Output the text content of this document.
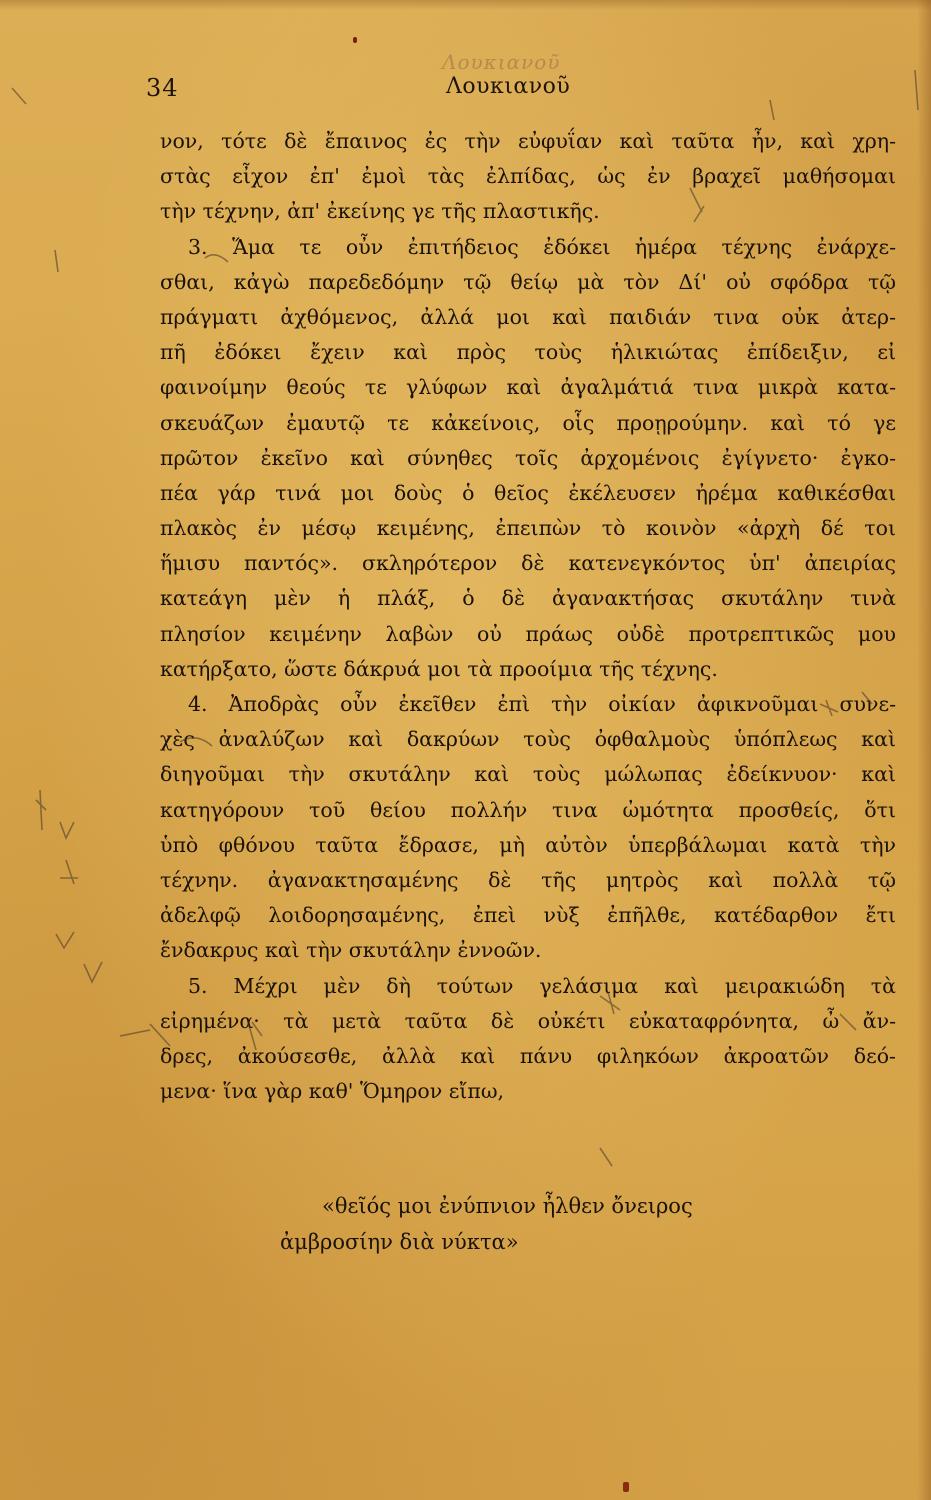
34	Λουκιανοῦ
Λουκιανοῦ
νον, τότε δὲ ἔπαινος ἐς τὴν εὐφυΐαν καὶ ταῦτα ἦν, καὶ χρη-
στὰς εἶχον ἐπ' ἐμοὶ τὰς ἐλπίδας, ὡς ἐν βραχεῖ μαθήσομαι
τὴν τέχνην, ἀπ' ἐκείνης γε τῆς πλαστικῆς.
3. Ἅμα τε οὖν ἐπιτήδειος ἐδόκει ἡμέρα τέχνης ἐνάρχε-
σθαι, κἀγὼ παρεδεδόμην τῷ θείῳ μὰ τὸν Δί' οὐ σφόδρα τῷ
πράγματι ἀχθόμενος, ἀλλά μοι καὶ παιδιάν τινα οὐκ ἀτερ-
πῆ ἐδόκει ἔχειν καὶ πρὸς τοὺς ἡλικιώτας ἐπίδειξιν, εἰ
φαινοίμην θεούς τε γλύφων καὶ ἀγαλμάτιά τινα μικρὰ κατα-
σκευάζων ἐμαυτῷ τε κἀκείνοις, οἷς προῃρούμην. καὶ τό γε
πρῶτον ἐκεῖνο καὶ σύνηθες τοῖς ἀρχομένοις ἐγίγνετο· ἐγκο-
πέα γάρ τινά μοι δοὺς ὁ θεῖος ἐκέλευσεν ἠρέμα καθικέσθαι
πλακὸς ἐν μέσῳ κειμένης, ἐπειπὼν τὸ κοινὸν «ἀρχὴ δέ τοι
ἥμισυ παντός». σκληρότερον δὲ κατενεγκόντος ὑπ' ἀπειρίας
κατεάγη μὲν ἡ πλάξ, ὁ δὲ ἀγανακτήσας σκυτάλην τινὰ
πλησίον κειμένην λαβὼν οὐ πράως οὐδὲ προτρεπτικῶς μου
κατήρξατο, ὥστε δάκρυά μοι τὰ προοίμια τῆς τέχνης.
4. Ἀποδρὰς οὖν ἐκεῖθεν ἐπὶ τὴν οἰκίαν ἀφικνοῦμαι συνε-
χὲς ἀναλύζων καὶ δακρύων τοὺς ὀφθαλμοὺς ὑπόπλεως καὶ
διηγοῦμαι τὴν σκυτάλην καὶ τοὺς μώλωπας ἐδείκνυον· καὶ
κατηγόρουν τοῦ θείου πολλήν τινα ὠμότητα προσθείς, ὅτι
ὑπὸ φθόνου ταῦτα ἔδρασε, μὴ αὐτὸν ὑπερβάλωμαι κατὰ τὴν
τέχνην. ἀγανακτησαμένης δὲ τῆς μητρὸς καὶ πολλὰ τῷ
ἀδελφῷ λοιδορησαμένης, ἐπεὶ νὺξ ἐπῆλθε, κατέδαρθον ἔτι
ἔνδακρυς καὶ τὴν σκυτάλην ἐννοῶν.
5. Μέχρι μὲν δὴ τούτων γελάσιμα καὶ μειρακιώδη τὰ
εἰρημένα· τὰ μετὰ ταῦτα δὲ οὐκέτι εὐκαταφρόνητα, ὦ ἄν-
δρες, ἀκούσεσθε, ἀλλὰ καὶ πάνυ φιληκόων ἀκροατῶν δεό-
μενα· ἵνα γὰρ καθ' Ὅμηρον εἴπω,
«θεῖός μοι ἐνύπνιον ἦλθεν ὄνειρος
ἀμβροσίην διὰ νύκτα»
